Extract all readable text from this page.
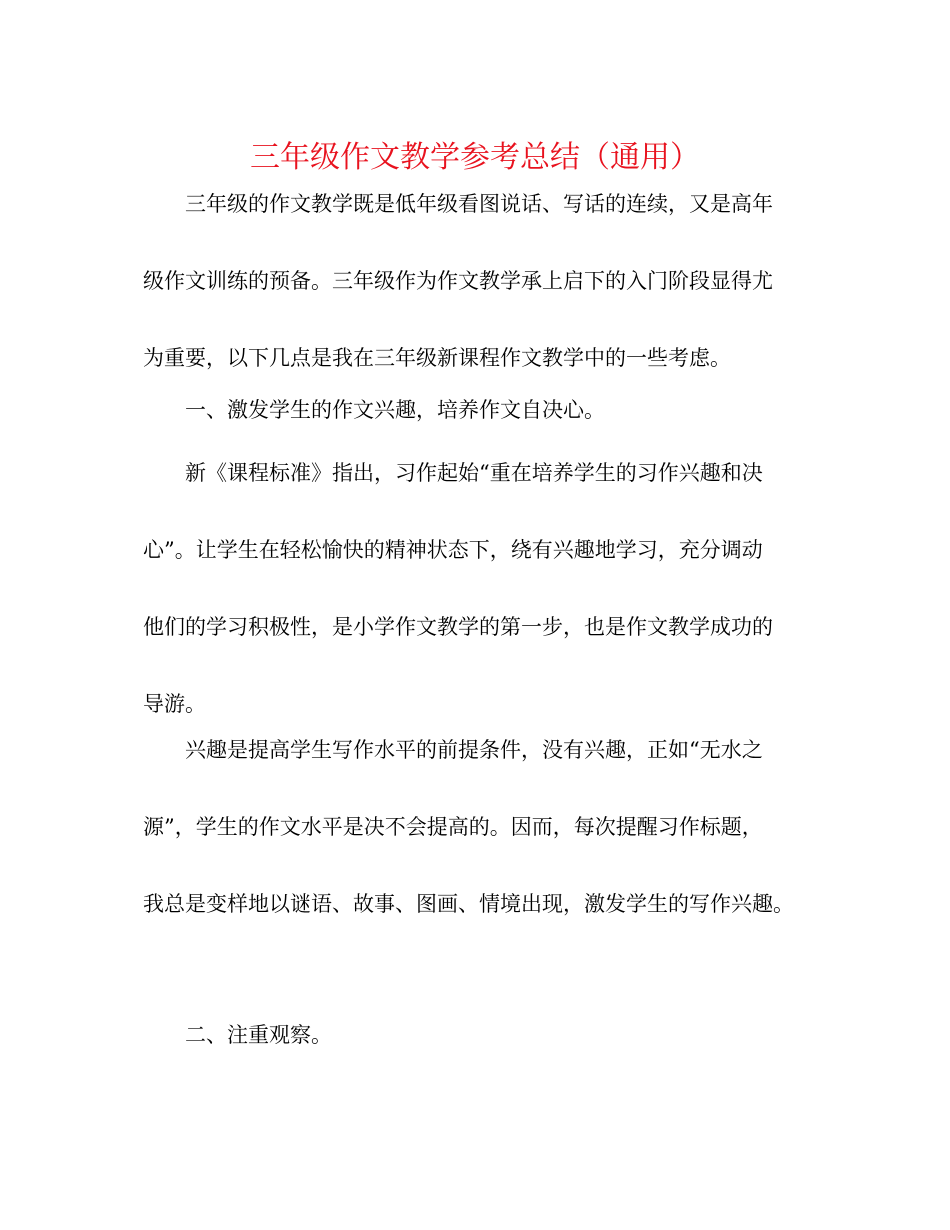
三年级作文教学参考总结（通用）
三年级的作文教学既是低年级看图说话、写话的连续，又是高年
级作文训练的预备。三年级作为作文教学承上启下的入门阶段显得尤
为重要，以下几点是我在三年级新课程作文教学中的一些考虑。
一、激发学生的作文兴趣，培养作文自决心。
新《课程标准》指出，习作起始“重在培养学生的习作兴趣和决
心”。让学生在轻松愉快的精神状态下，绕有兴趣地学习，充分调动
他们的学习积极性，是小学作文教学的第一步，也是作文教学成功的
导游。
兴趣是提高学生写作水平的前提条件，没有兴趣，正如“无水之
源”，学生的作文水平是决不会提高的。因而，每次提醒习作标题，
我总是变样地以谜语、故事、图画、情境出现，激发学生的写作兴趣。
二、注重观察。
